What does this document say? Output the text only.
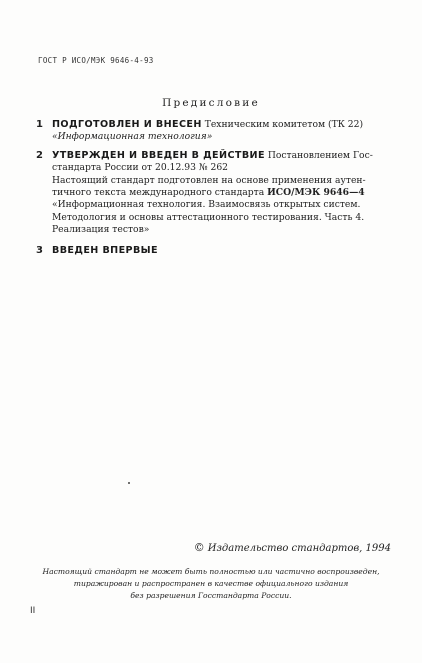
ГОСТ Р ИСО/МЭК 9646-4-93
Предисловие
1 ПОДГОТОВЛЕН И ВНЕСЕН Техническим комитетом (ТК 22)
«Информационная технология»
2 УТВЕРЖДЕН И ВВЕДЕН В ДЕЙСТВИЕ Постановлением Гос-
стандарта России от 20.12.93 № 262
Настоящий стандарт подготовлен на основе применения аутен-
тичного текста международного стандарта ИСО/МЭК 9646—4
«Информационная технология. Взаимосвязь открытых систем.
Методология и основы аттестационного тестирования. Часть 4.
Реализация тестов»
3 ВВЕДЕН ВПЕРВЫЕ
© Издательство стандартов, 1994
Настоящий стандарт не может быть полностью или частично воспроизведен,
тиражирован и распространен в качестве официального издания
без разрешения Госстандарта России.
II
